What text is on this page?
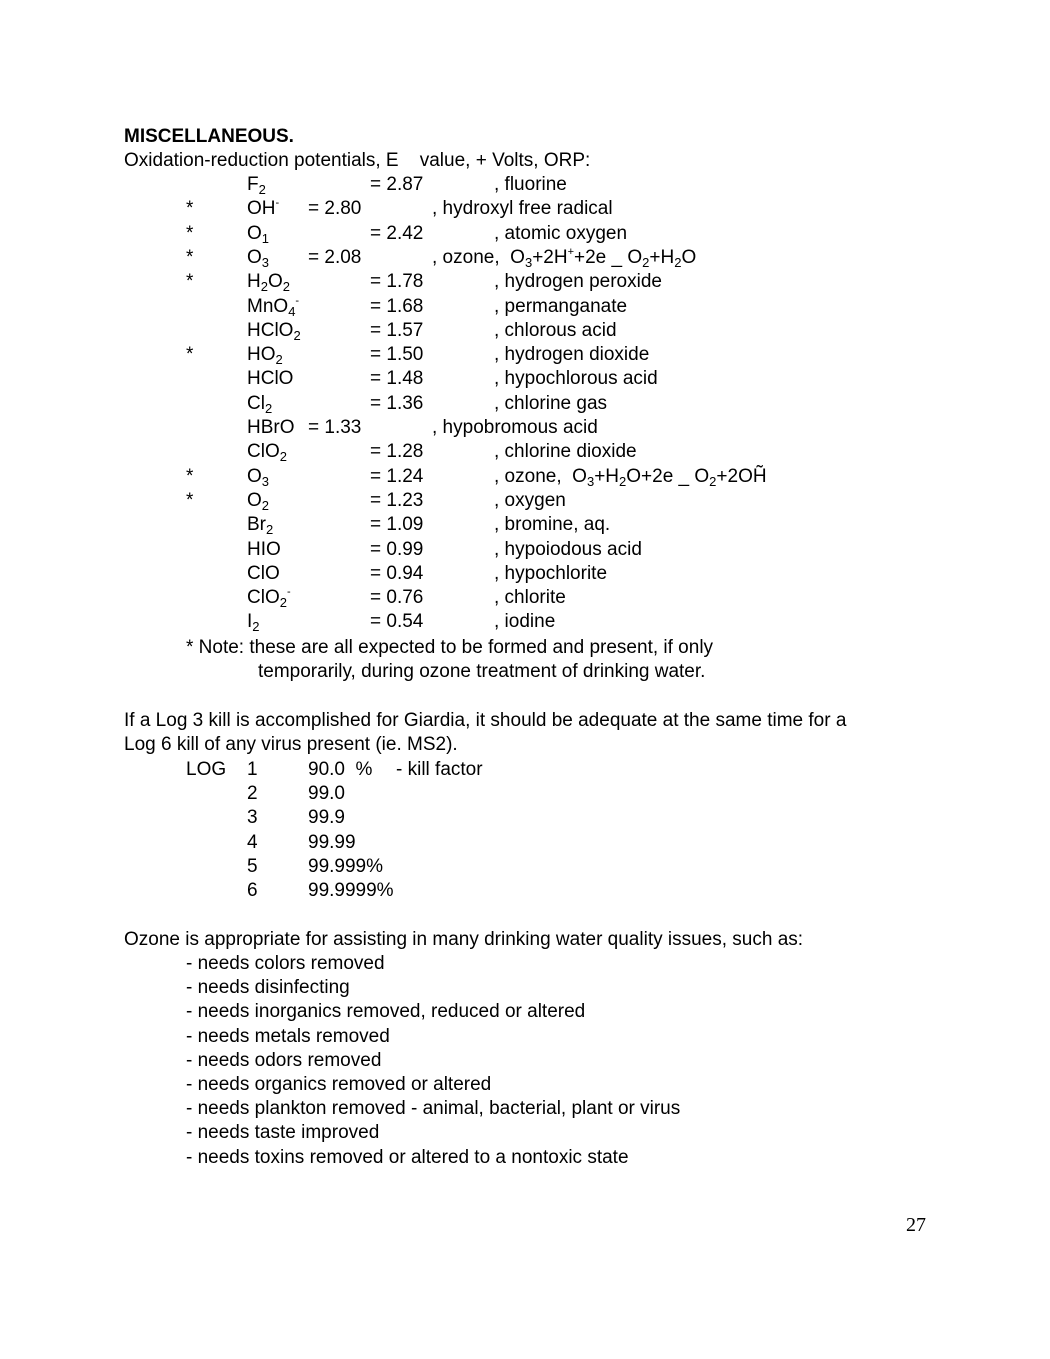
MISCELLANEOUS.
Oxidation-reduction potentials, E    value, + Volts, ORP:
$F_2$	= 2.87	, fluorine
*	OH- = 2.80	, hydroxyl free radical
*	$O_1$	= 2.42	, atomic oxygen
*	$O_3 = 2.08$	, ozone,  $O_3+2H^++2e$ _ $O_2+H_2O$
*	$H_2O_2$	= 1.78	, hydrogen peroxide
MnO$_4$-	= 1.68	, permanganate
HClO$_2$	= 1.57	, chlorous acid
*	$HO_2$	= 1.50	, hydrogen dioxide
HClO	= 1.48	, hypochlorous acid
$Cl_2$	= 1.36	, chlorine gas
HBrO = 1.33	, hypobromous acid
ClO$_2$	= 1.28	, chlorine dioxide
*	$O_3$	= 1.24	, ozone,  $O_3+H_2O+2e$ _ $O_2+2OH̃$
*	$O_2$	= 1.23	, oxygen
$Br_2$	= 1.09	, bromine, aq.
HIO	= 0.99	, hypoiodous acid
ClO	= 0.94	, hypochlorite
ClO$_2$-	= 0.76	, chlorite
$I_2$	= 0.54	, iodine
* Note: these are all expected to be formed and present, if only
temporarily, during ozone treatment of drinking water.
If a Log 3 kill is accomplished for Giardia, it should be adequate at the same time for a
Log 6 kill of any virus present (ie. MS2).
LOG 1	90.0  % - kill factor
2	99.0
3	99.9
4	99.99
5	99.999%
6	99.9999%
Ozone is appropriate for assisting in many drinking water quality issues, such as:
- needs colors removed
- needs disinfecting
- needs inorganics removed, reduced or altered
- needs metals removed
- needs odors removed
- needs organics removed or altered
- needs plankton removed - animal, bacterial, plant or virus
- needs taste improved
- needs toxins removed or altered to a nontoxic state
27
